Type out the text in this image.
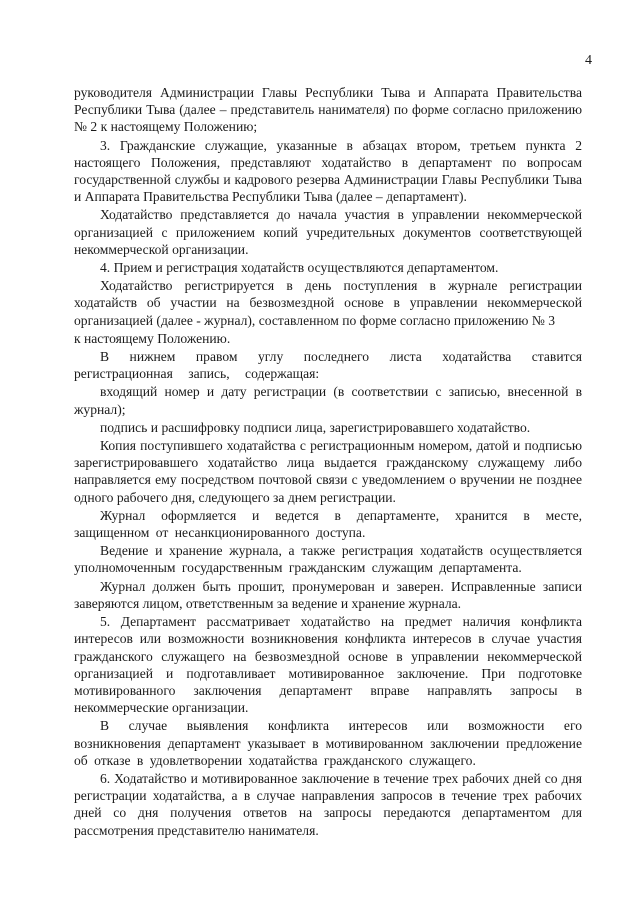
4

руководителя Администрации Главы Республики Тыва и Аппарата Правительства Республики Тыва (далее – представитель нанимателя) по форме согласно приложению № 2 к настоящему Положению;

3. Гражданские служащие, указанные в абзацах втором, третьем пункта 2 настоящего Положения, представляют ходатайство в департамент по вопросам государственной службы и кадрового резерва Администрации Главы Республики Тыва и Аппарата Правительства Республики Тыва (далее – департамент).

Ходатайство представляется до начала участия в управлении некоммерческой организацией с приложением копий учредительных документов соответствующей некоммерческой организации.

4. Прием и регистрация ходатайств осуществляются департаментом.

Ходатайство регистрируется в день поступления в журнале регистрации ходатайств об участии на безвозмездной основе в управлении некоммерческой организацией (далее - журнал), составленном по форме согласно приложению № 3

к настоящему Положению.

В нижнем правом углу последнего листа ходатайства ставится регистрационная запись, содержащая:

входящий номер и дату регистрации (в соответствии с записью, внесенной в журнал);

подпись и расшифровку подписи лица, зарегистрировавшего ходатайство.

Копия поступившего ходатайства с регистрационным номером, датой и подписью зарегистрировавшего ходатайство лица выдается гражданскому служащему либо направляется ему посредством почтовой связи с уведомлением о вручении не позднее одного рабочего дня, следующего за днем регистрации.

Журнал оформляется и ведется в департаменте, хранится в месте, защищенном от несанкционированного доступа.

Ведение и хранение журнала, а также регистрация ходатайств осуществляется уполномоченным государственным гражданским служащим департамента.

Журнал должен быть прошит, пронумерован и заверен. Исправленные записи заверяются лицом, ответственным за ведение и хранение журнала.

5. Департамент рассматривает ходатайство на предмет наличия конфликта интересов или возможности возникновения конфликта интересов в случае участия гражданского служащего на безвозмездной основе в управлении некоммерческой организацией и подготавливает мотивированное заключение. При подготовке мотивированного заключения департамент вправе направлять запросы в некоммерческие организации.

В случае выявления конфликта интересов или возможности его возникновения департамент указывает в мотивированном заключении предложение об отказе в удовлетворении ходатайства гражданского служащего.

6. Ходатайство и мотивированное заключение в течение трех рабочих дней со дня регистрации ходатайства, а в случае направления запросов в течение трех рабочих дней со дня получения ответов на запросы передаются департаментом для рассмотрения представителю нанимателя.
